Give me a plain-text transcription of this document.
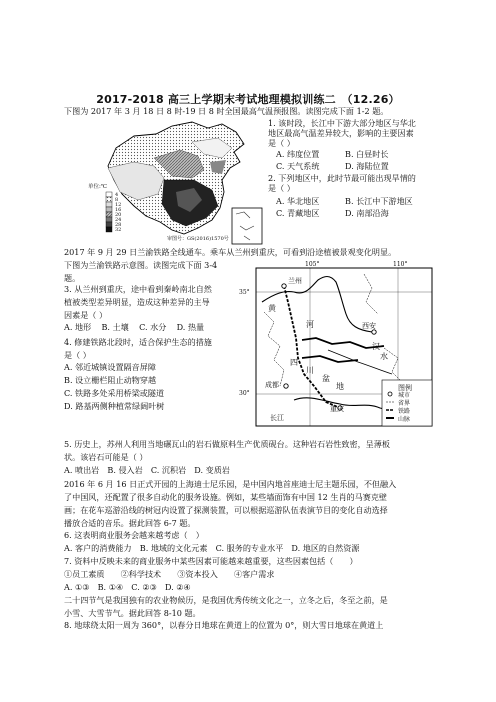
2017-2018 高三上学期末考试地理模拟训练二　（12.26）
下图为 2017 年 3 月 18 日 8 时-19 日 8 时全国最高气温预报图。读图完成下面 1-2 题。
单位:℃
4
8
12
16
20
24
28
32
审图号：GS(2016)1570号
1. 该时段，长江中下游大部分地区与华北
地区最高气温差异较大，影响的主要因素
是（ ）
A. 纬度位置	B. 白昼时长
C. 天气系统	D. 海陆位置
2. 下列地区中，此时节最可能出现旱情的
是（ ）
A. 华北地区	B. 长江中下游地区
C. 青藏地区	D. 南部沿海
2017 年 9 月 29 日兰渝铁路全线通车。乘车从兰州到重庆，可看到沿途植被景观变化明显。
下图为兰渝铁路示意图。读图完成下面 3-4
题。
3. 从兰州到重庆，途中看到秦岭南北自然
植被类型差异明显，造成这种差异的主导
因素是（ ）
A. 地形 B. 土壤 C. 水分 D. 热量
4. 修建铁路北段时，适合保护生态的措施
是（ ）
A. 邻近城镇设置隔音屏障
B. 设立栅栏阻止动物穿越
C. 铁路多处采用桥梁或隧道
D. 路基两侧种植常绿阔叶树
105°	110°
35°
30°
兰州
黄
河	西安
汉
水
四
川
盆
地
成都
重庆
长江
图例
城市
省界
铁路
山脉
5. 历史上，苏州人利用当地碾瓦山的岩石做原料生产优质砚台。这种岩石岩性致密，呈薄板
状。该岩石可能是（ ）
A. 喷出岩　B. 侵入岩　C. 沉积岩　D. 变质岩
2016 年 6 月 16 日正式开园的上海迪士尼乐园，是中国内地首座迪士尼主题乐园，不但融入
了中国风，还配置了很多自动化的服务设施。例如，某些墙面饰有中国 12 生肖的马赛克壁
画；在花车巡游沿线的树冠内设置了探测装置，可以根据巡游队伍表演节目的变化自动选择
播放合适的音乐。据此回答 6-7 题。
6. 这表明商业服务会越来越考虑（　）
A. 客户的消费能力　B. 地域的文化元素　C. 服务的专业水平　D. 地区的自然资源
7. 资料中反映未来的商业服务中某些因素可能越来越重要，这些因素包括（　　）
①员工素质　　②科学技术　　③资本投入　　④客户需求
A. ①③　B. ①④　C. ②③　D. ②④
二十四节气是我国独有的农业物候历，是我国优秀传统文化之一，立冬之后，冬至之前，是
小雪、大雪节气。据此回答 8-10 题。
8. 地球绕太阳一周为 360°，以春分日地球在黄道上的位置为 0°，则大雪日地球在黄道上
